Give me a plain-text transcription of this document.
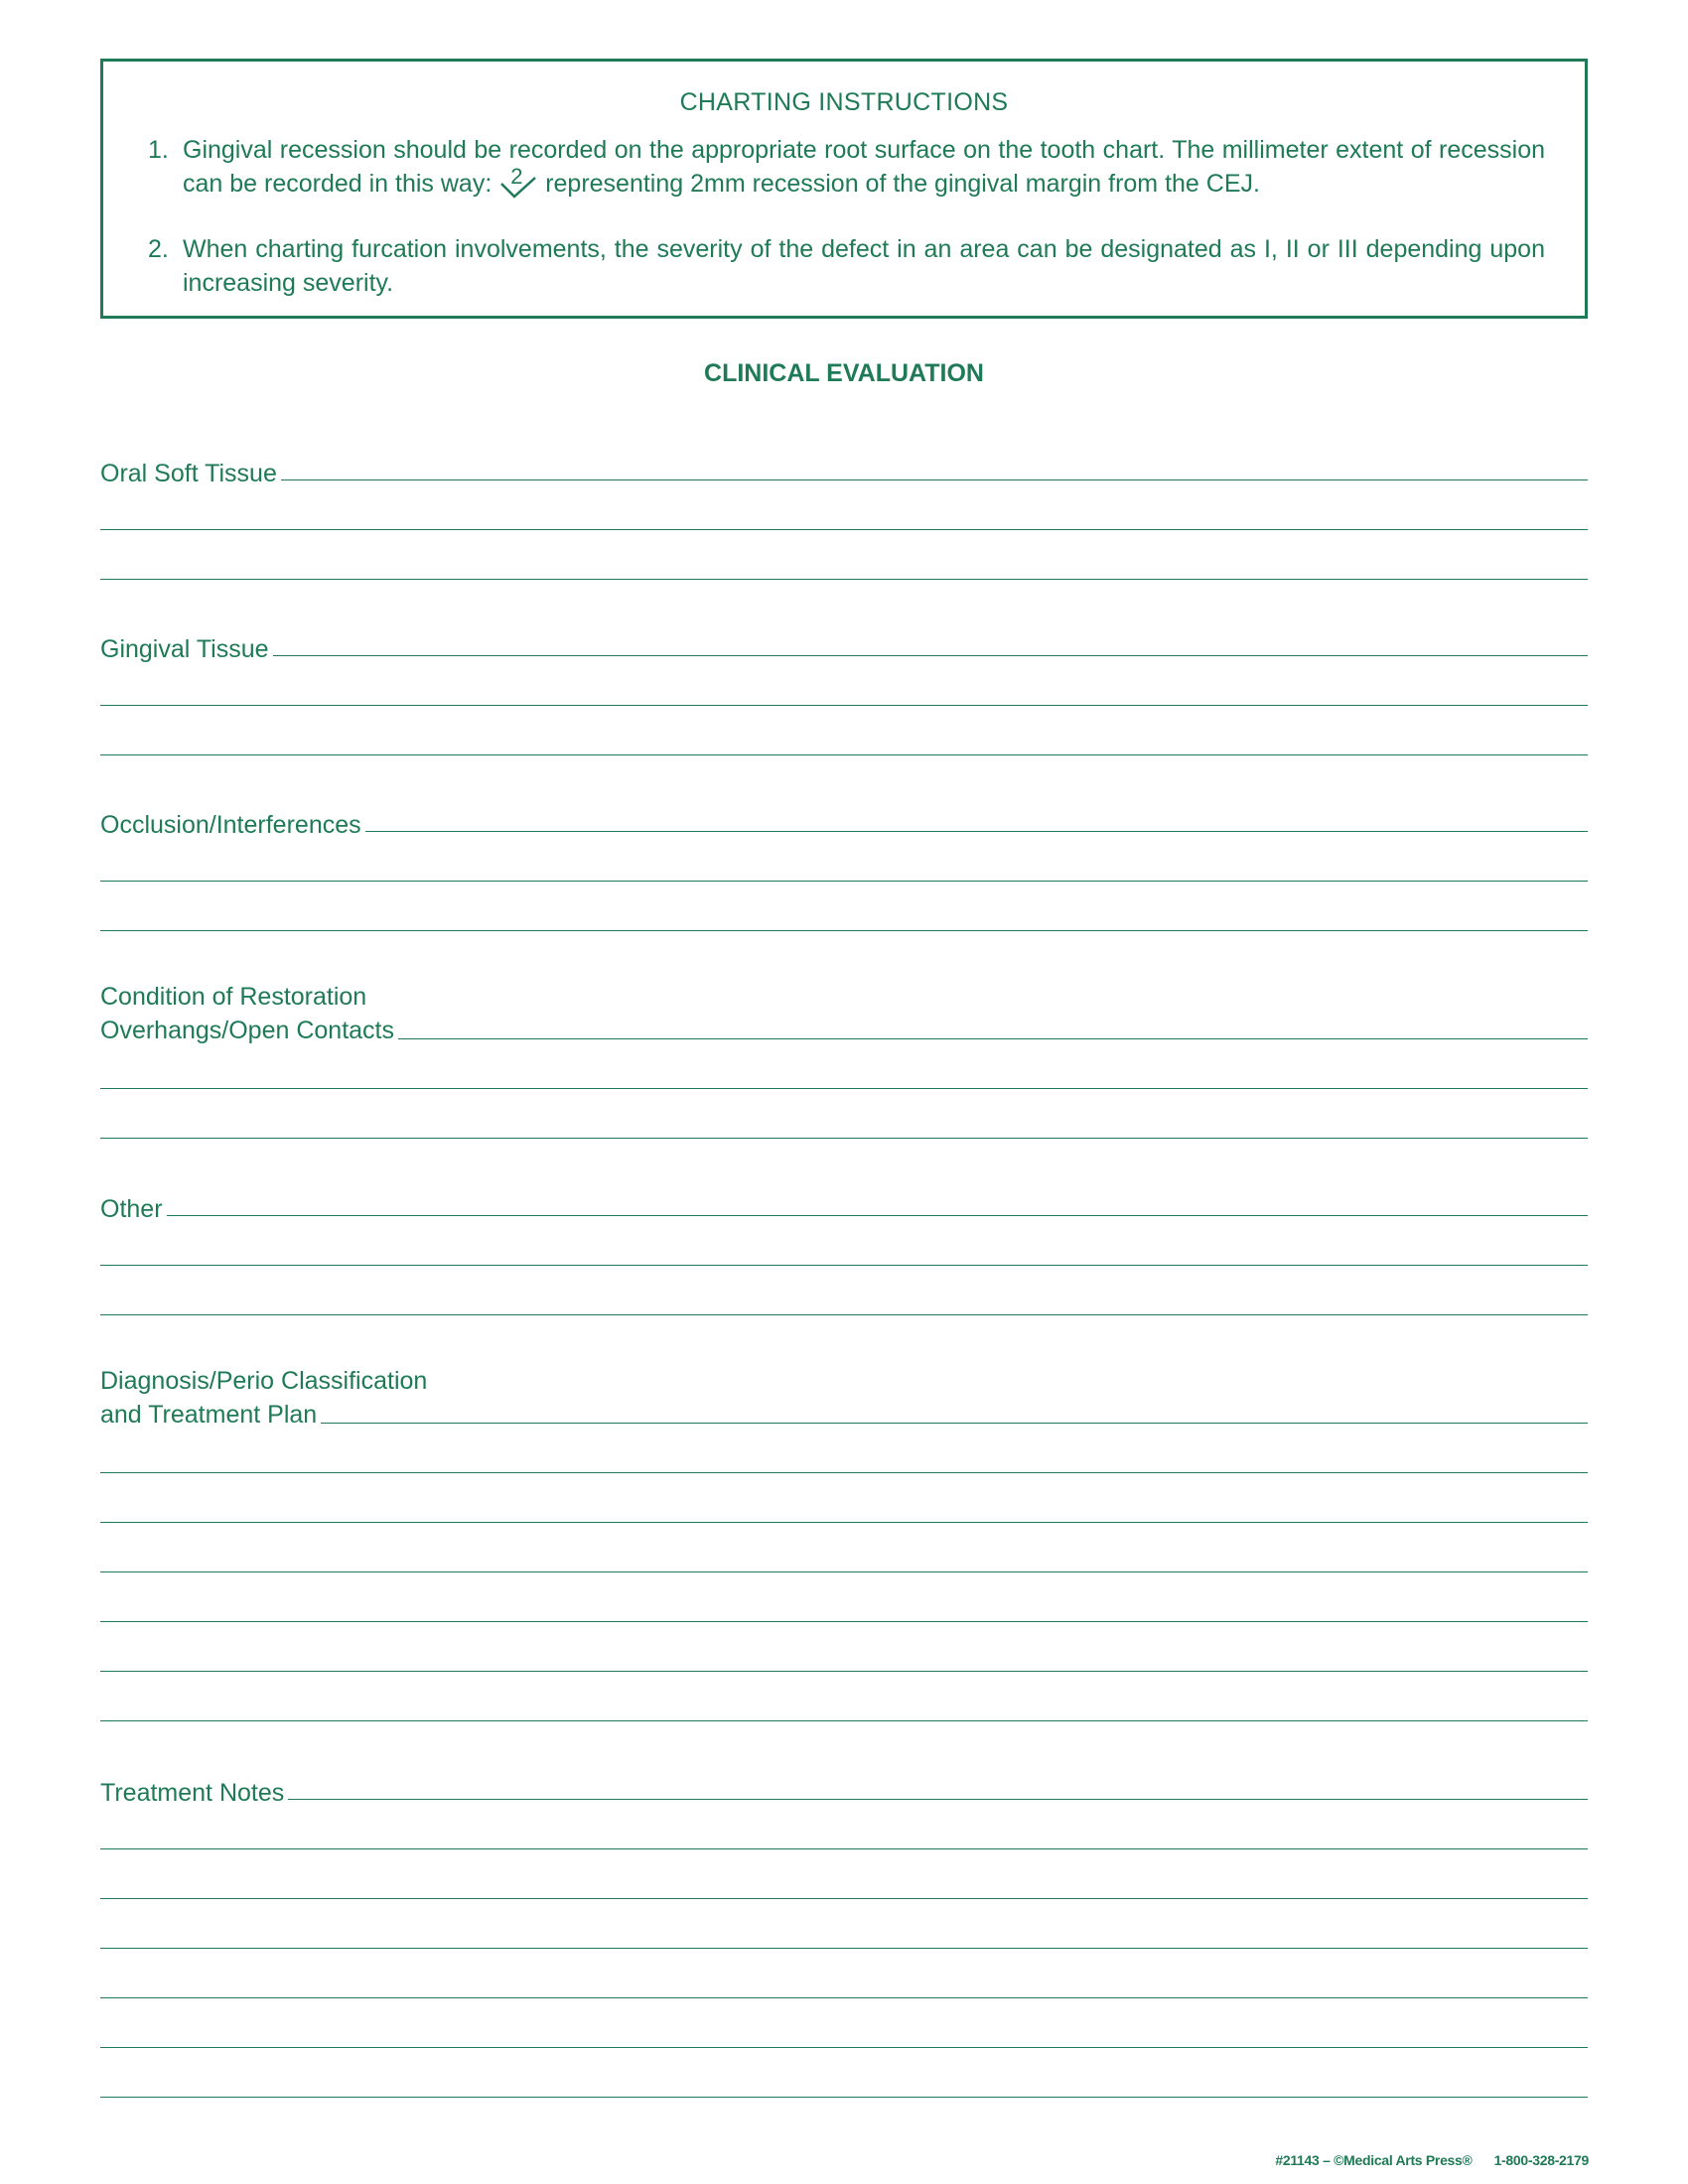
CHARTING INSTRUCTIONS
1. Gingival recession should be recorded on the appropriate root surface on the tooth chart. The millimeter extent of recession can be recorded in this way: 2 representing 2mm recession of the gingival margin from the CEJ.
2. When charting furcation involvements, the severity of the defect in an area can be designated as I, II or III depending upon increasing severity.
CLINICAL EVALUATION
Oral Soft Tissue
Gingival Tissue
Occlusion/Interferences
Condition of Restoration
Overhangs/Open Contacts
Other
Diagnosis/Perio Classification
and Treatment Plan
Treatment Notes
#21143 – ©Medical Arts Press® 1-800-328-2179
